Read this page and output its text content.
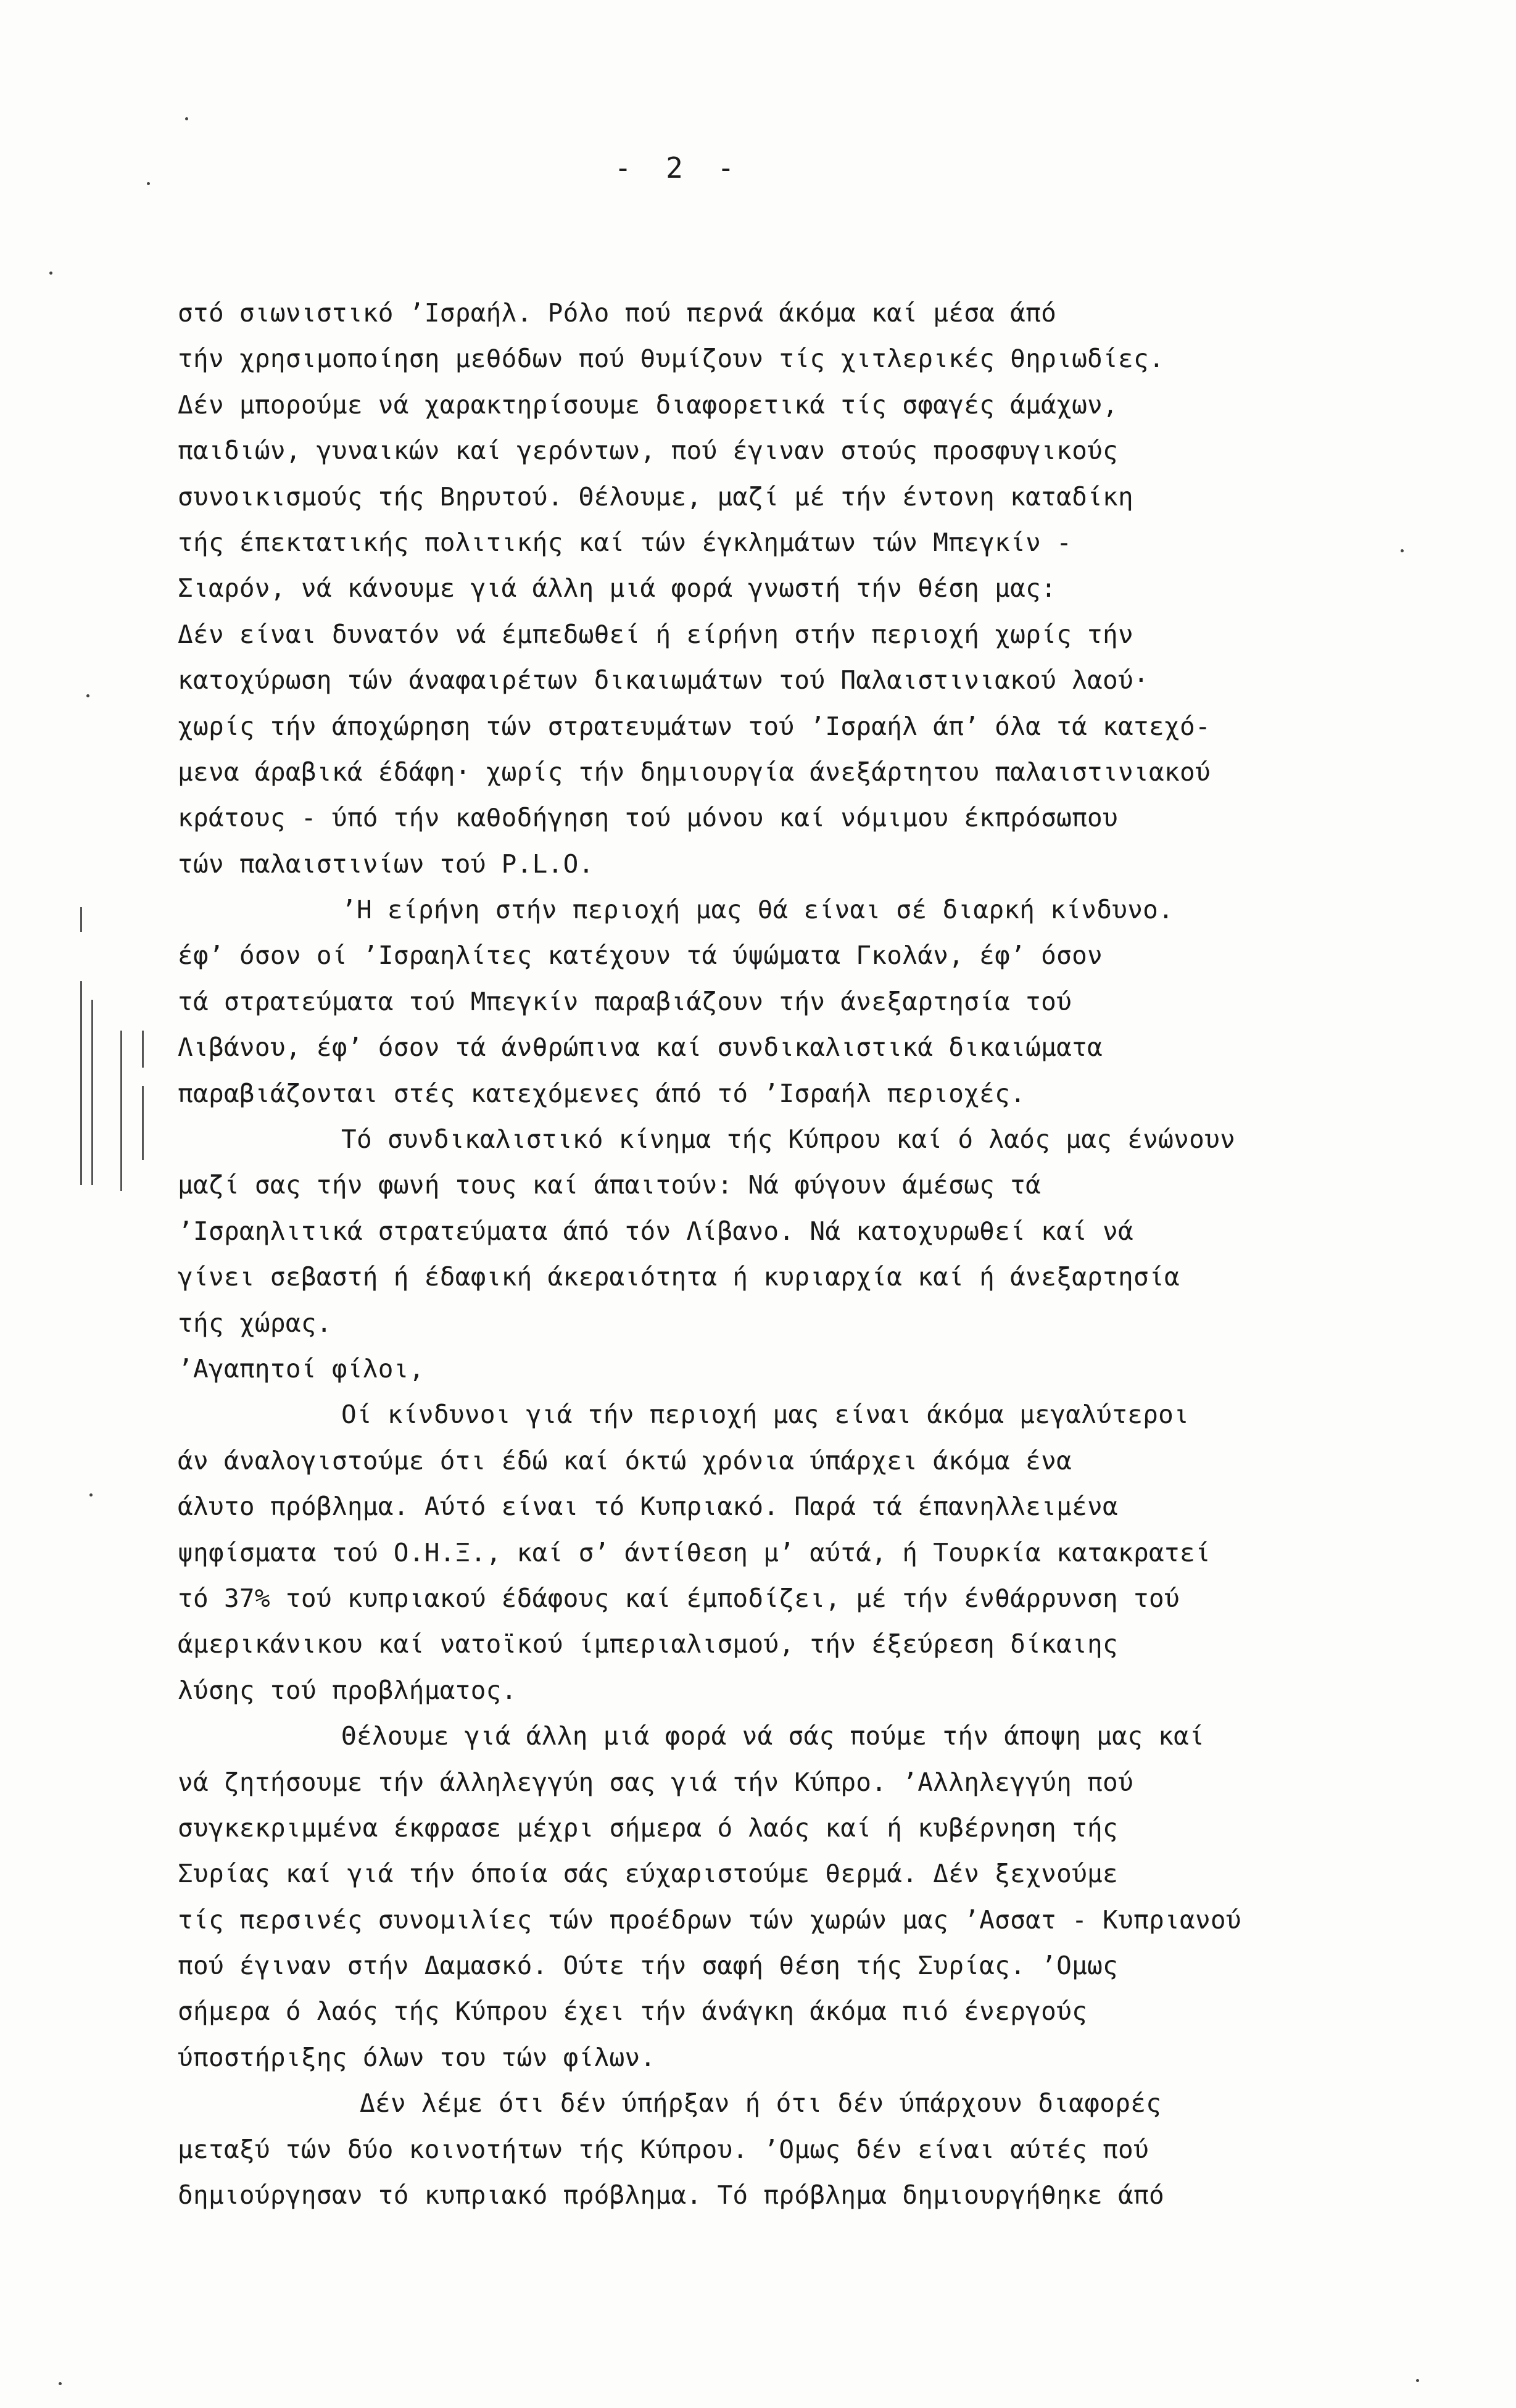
- 2 -
στό σιωνιστικό ’Ισραήλ. Ρόλο πού περνά άκόμα καί μέσα άπό
τήν χρησιμοποίηση μεθόδων πού θυμίζουν τίς χιτλερικές θηριωδίες.
Δέν μπορούμε νά χαρακτηρίσουμε διαφορετικά τίς σφαγές άμάχων,
παιδιών, γυναικών καί γερόντων, πού έγιναν στούς προσφυγικούς
συνοικισμούς τής Βηρυτού. Θέλουμε, μαζί μέ τήν έντονη καταδίκη
τής έπεκτατικής πολιτικής καί τών έγκλημάτων τών Μπεγκίν -
Σιαρόν, νά κάνουμε γιά άλλη μιά φορά γνωστή τήν θέση μας:
Δέν είναι δυνατόν νά έμπεδωθεί ή είρήνη στήν περιοχή χωρίς τήν
κατοχύρωση τών άναφαιρέτων δικαιωμάτων τού Παλαιστινιακού λαού·
χωρίς τήν άποχώρηση τών στρατευμάτων τού ’Ισραήλ άπ’ όλα τά κατεχό-
μενα άραβικά έδάφη· χωρίς τήν δημιουργία άνεξάρτητου παλαιστινιακού
κράτους - ύπό τήν καθοδήγηση τού μόνου καί νόμιμου έκπρόσωπου
τών παλαιστινίων τού P.L.O.
’Η είρήνη στήν περιοχή μας θά είναι σέ διαρκή κίνδυνο.
έφ’ όσον οί ’Ισραηλίτες κατέχουν τά ύψώματα Γκολάν, έφ’ όσον
τά στρατεύματα τού Μπεγκίν παραβιάζουν τήν άνεξαρτησία τού
Λιβάνου, έφ’ όσον τά άνθρώπινα καί συνδικαλιστικά δικαιώματα
παραβιάζονται στές κατεχόμενες άπό τό ’Ισραήλ περιοχές.
Τό συνδικαλιστικό κίνημα τής Κύπρου καί ό λαός μας ένώνουν
μαζί σας τήν φωνή τους καί άπαιτούν: Νά φύγουν άμέσως τά
’Ισραηλιτικά στρατεύματα άπό τόν Λίβανο. Νά κατοχυρωθεί καί νά
γίνει σεβαστή ή έδαφική άκεραιότητα ή κυριαρχία καί ή άνεξαρτησία
τής χώρας.
’Αγαπητοί φίλοι,
Οί κίνδυνοι γιά τήν περιοχή μας είναι άκόμα μεγαλύτεροι
άν άναλογιστούμε ότι έδώ καί όκτώ χρόνια ύπάρχει άκόμα ένα
άλυτο πρόβλημα. Αύτό είναι τό Κυπριακό. Παρά τά έπανηλλειμένα
ψηφίσματα τού Ο.Η.Ξ., καί σ’ άντίθεση μ’ αύτά, ή Τουρκία κατακρατεί
τό 37% τού κυπριακού έδάφους καί έμποδίζει, μέ τήν ένθάρρυνση τού
άμερικάνικου καί νατοϊκού ίμπεριαλισμού, τήν έξεύρεση δίκαιης
λύσης τού προβλήματος.
Θέλουμε γιά άλλη μιά φορά νά σάς πούμε τήν άποψη μας καί
νά ζητήσουμε τήν άλληλεγγύη σας γιά τήν Κύπρο. ’Αλληλεγγύη πού
συγκεκριμμένα έκφρασε μέχρι σήμερα ό λαός καί ή κυβέρνηση τής
Συρίας καί γιά τήν όποία σάς εύχαριστούμε θερμά. Δέν ξεχνούμε
τίς περσινές συνομιλίες τών προέδρων τών χωρών μας ’Ασσατ - Κυπριανού
πού έγιναν στήν Δαμασκό. Ούτε τήν σαφή θέση τής Συρίας. ’Ομως
σήμερα ό λαός τής Κύπρου έχει τήν άνάγκη άκόμα πιό ένεργούς
ύποστήριξης όλων του τών φίλων.
Δέν λέμε ότι δέν ύπήρξαν ή ότι δέν ύπάρχουν διαφορές
μεταξύ τών δύο κοινοτήτων τής Κύπρου. ’Ομως δέν είναι αύτές πού
δημιούργησαν τό κυπριακό πρόβλημα. Τό πρόβλημα δημιουργήθηκε άπό
